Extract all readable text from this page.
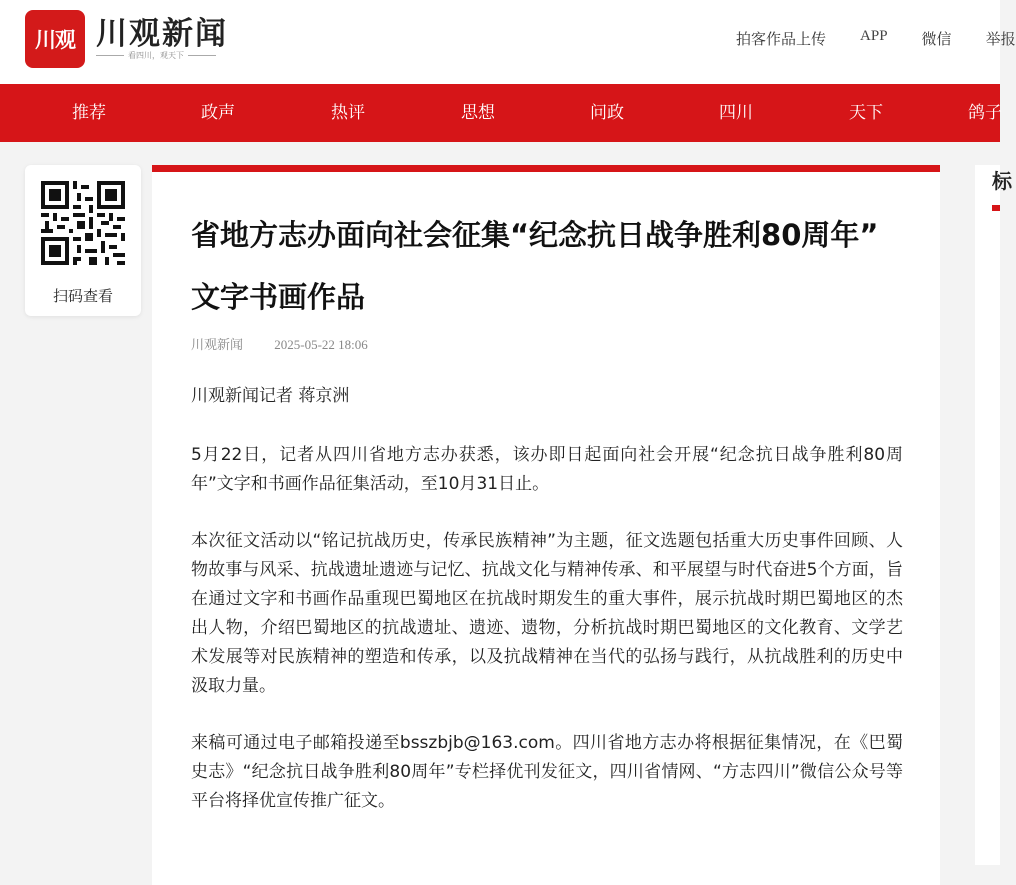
川观 川观新闻
看四川，观天下
拍客作品上传 APP 微信 举报
推荐	政声	热评	思想	问政	四川	天下	鸽子
扫码查看
省地方志办面向社会征集“纪念抗日战争胜利80周年”
文字书画作品
川观新闻 2025-05-22 18:06

川观新闻记者 蒋京洲

5月22日，记者从四川省地方志办获悉，该办即日起面向社会开展“纪念抗日战争胜利80周年”文字和书画作品征集活动，至10月31日止。

本次征文活动以“铭记抗战历史，传承民族精神”为主题，征文选题包括重大历史事件回顾、人物故事与风采、抗战遗址遗迹与记忆、抗战文化与精神传承、和平展望与时代奋进5个方面，旨在通过文字和书画作品重现巴蜀地区在抗战时期发生的重大事件，展示抗战时期巴蜀地区的杰出人物，介绍巴蜀地区的抗战遗址、遗迹、遗物，分析抗战时期巴蜀地区的文化教育、文学艺术发展等对民族精神的塑造和传承，以及抗战精神在当代的弘扬与践行，从抗战胜利的历史中汲取力量。

来稿可通过电子邮箱投递至bsszbjb@163.com。四川省地方志办将根据征集情况，在《巴蜀史志》“纪念抗日战争胜利80周年”专栏择优刊发征文，四川省情网、“方志四川”微信公众号等平台将择优宣传推广征文。

标
